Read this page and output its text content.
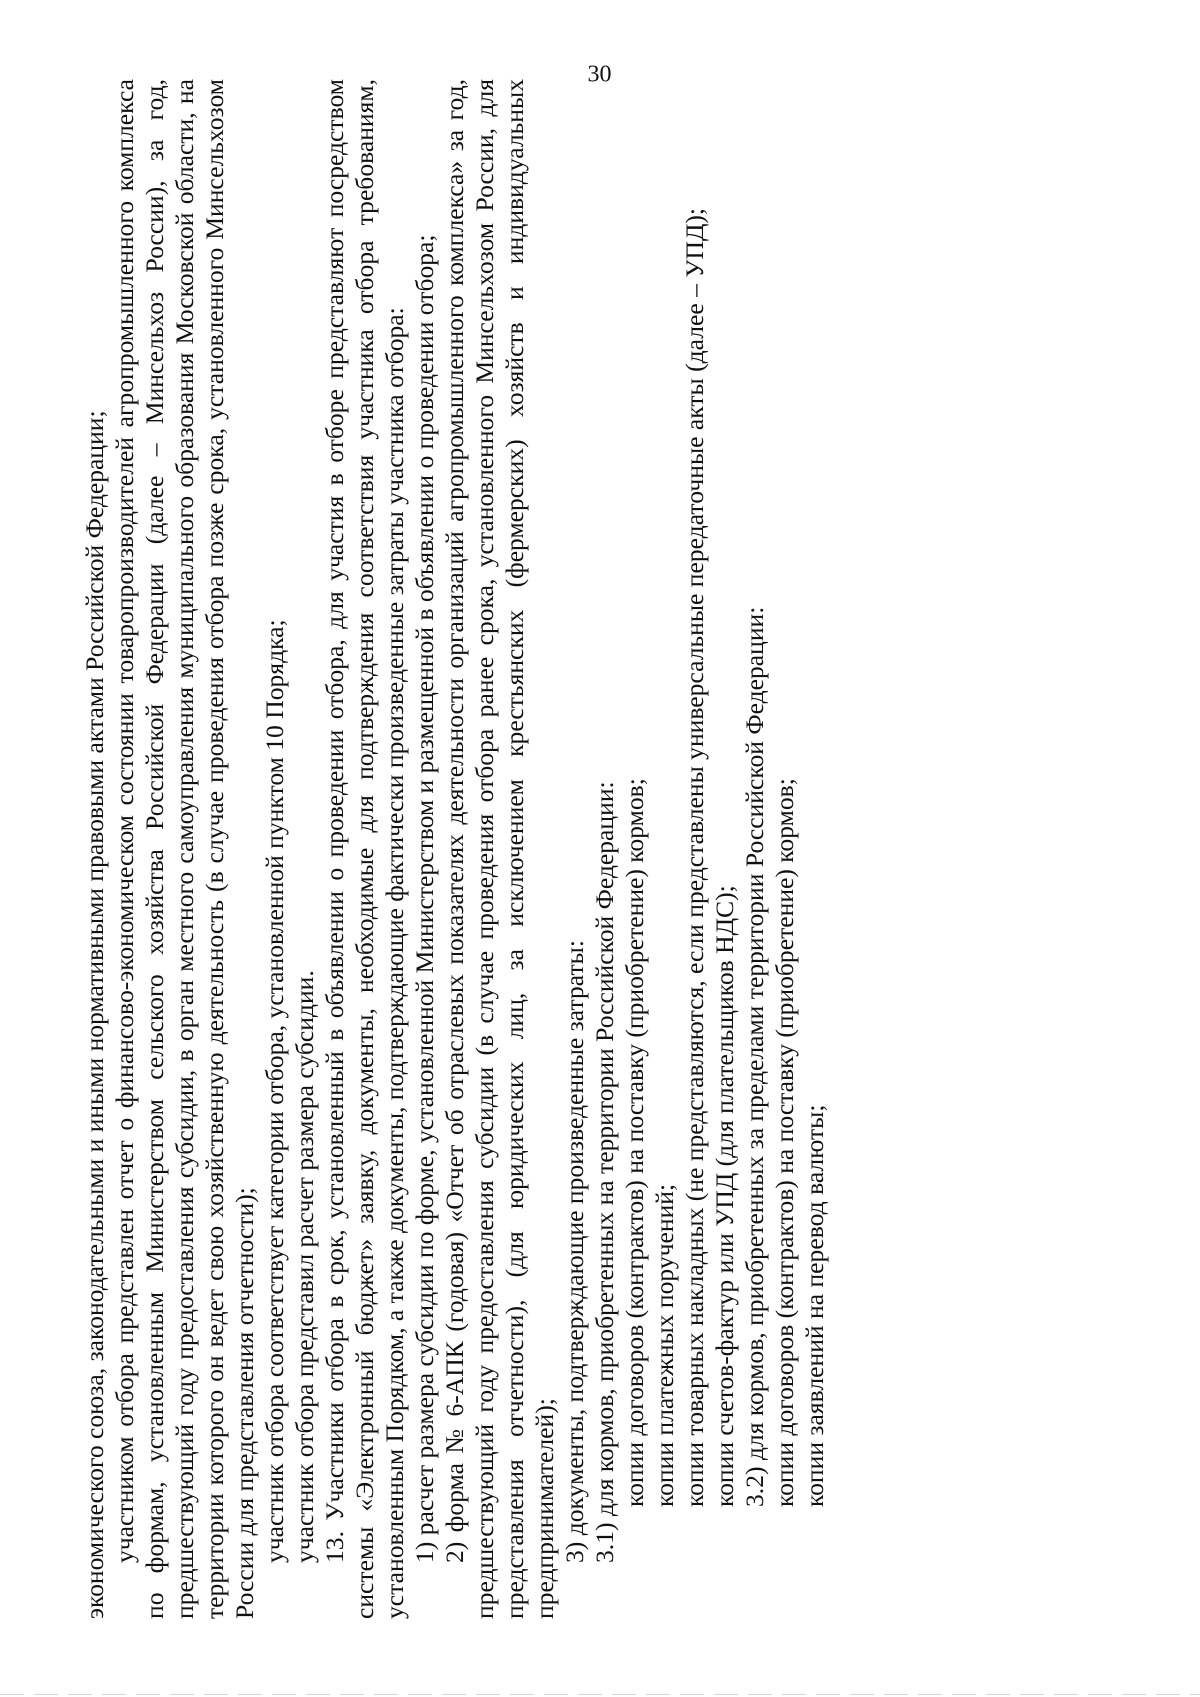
30

экономического союза, законодательными и иными нормативными правовыми актами Российской Федерации; участником отбора представлен отчет о финансово-экономическом состоянии товаропроизводителей агропромышленного комплекса по формам, установленным Министерством сельского хозяйства Российской Федерации (далее – Минсельхоз России), за год, предшествующий году предоставления субсидии, в орган местного самоуправления муниципального образования Московской области, на территории которого он ведет свою хозяйственную деятельность (в случае проведения отбора позже срока, установленного Минсельхозом России для представления отчетности); участник отбора соответствует категории отбора, установленной пунктом 10 Порядка; участник отбора представил расчет размера субсидии. 13. Участники отбора в срок, установленный в объявлении о проведении отбора, для участия в отборе представляют посредством системы «Электронный бюджет» заявку, документы, необходимые для подтверждения соответствия участника отбора требованиям, установленным Порядком, а также документы, подтверждающие фактически произведенные затраты участника отбора: 1) расчет размера субсидии по форме, установленной Министерством и размещенной в объявлении о проведении отбора; 2) форма № 6-АПК (годовая) «Отчет об отраслевых показателях деятельности организаций агропромышленного комплекса» за год, предшествующий году предоставления субсидии (в случае проведения отбора ранее срока, установленного Минсельхозом России, для представления отчетности), (для юридических лиц, за исключением крестьянских (фермерских) хозяйств и индивидуальных предпринимателей); 3) документы, подтверждающие произведенные затраты: 3.1) для кормов, приобретенных на территории Российской Федерации: копии договоров (контрактов) на поставку (приобретение) кормов; копии платежных поручений; копии товарных накладных (не представляются, если представлены универсальные передаточные акты (далее – УПД); копии счетов-фактур или УПД (для плательщиков НДС); 3.2) для кормов, приобретенных за пределами территории Российской Федерации: копии договоров (контрактов) на поставку (приобретение) кормов; копии заявлений на перевод валюты;
